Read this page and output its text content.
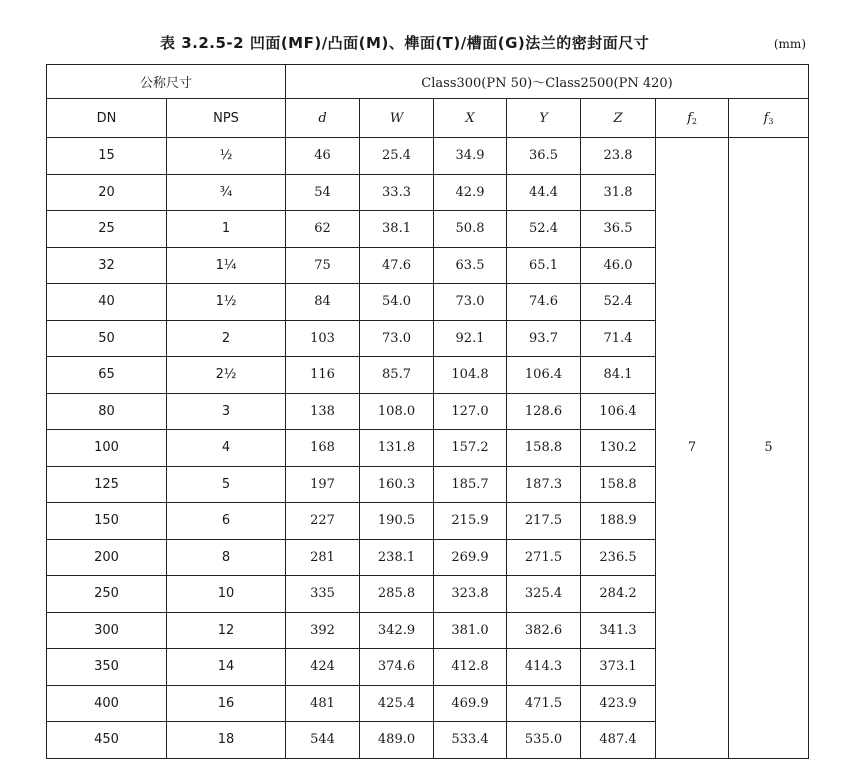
表 3.2.5-2 凹面(MF)/凸面(M)、榫面(T)/槽面(G)法兰的密封面尺寸	(mm)
公称尺寸		Class300(PN 50)～Class2500(PN 420)						
DN	NPS	d	W	X	Y	Z	$f_2$	$f_3$
15	½	46	25.4	34.9	36.5	23.8	7	5
20	¾	54	33.3	42.9	44.4	31.8		
25	1	62	38.1	50.8	52.4	36.5		
32	1¼	75	47.6	63.5	65.1	46.0		
40	1½	84	54.0	73.0	74.6	52.4		
50	2	103	73.0	92.1	93.7	71.4		
65	2½	116	85.7	104.8	106.4	84.1		
80	3	138	108.0	127.0	128.6	106.4		
100	4	168	131.8	157.2	158.8	130.2		
125	5	197	160.3	185.7	187.3	158.8		
150	6	227	190.5	215.9	217.5	188.9		
200	8	281	238.1	269.9	271.5	236.5		
250	10	335	285.8	323.8	325.4	284.2		
300	12	392	342.9	381.0	382.6	341.3		
350	14	424	374.6	412.8	414.3	373.1		
400	16	481	425.4	469.9	471.5	423.9		
450	18	544	489.0	533.4	535.0	487.4		
